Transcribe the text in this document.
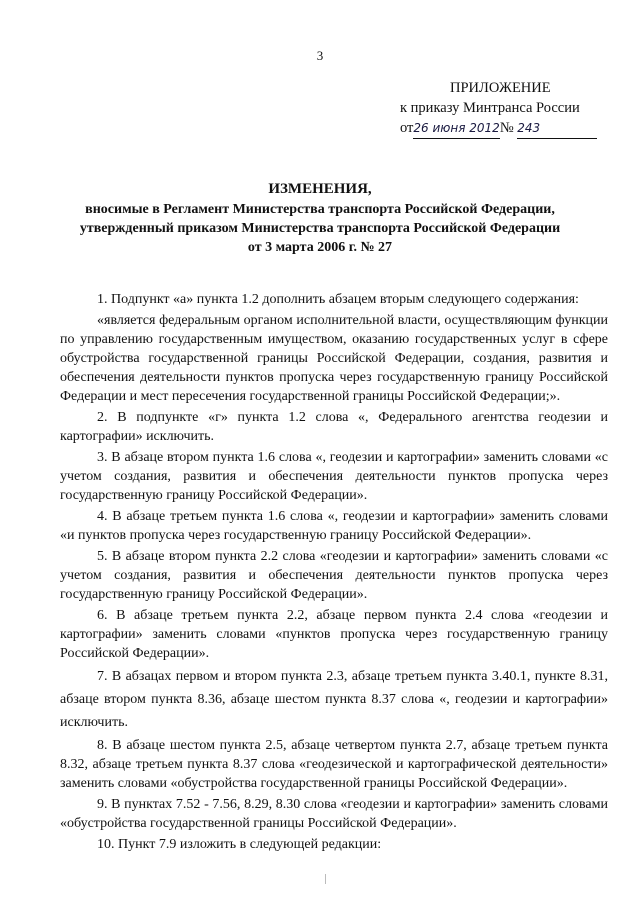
3
ПРИЛОЖЕНИЕ
к приказу Минтранса России
от26 июня 2012№ 243
ИЗМЕНЕНИЯ,
вносимые в Регламент Министерства транспорта Российской Федерации,
утвержденный приказом Министерства транспорта Российской Федерации
от 3 марта 2006 г. № 27

1. Подпункт «а» пункта 1.2 дополнить абзацем вторым следующего содержания:

«является федеральным органом исполнительной власти, осуществляющим функции по управлению государственным имуществом, оказанию государственных услуг в сфере обустройства государственной границы Российской Федерации, создания, развития и обеспечения деятельности пунктов пропуска через государственную границу Российской Федерации и мест пересечения государственной границы Российской Федерации;».

2. В подпункте «г» пункта 1.2 слова «, Федерального агентства геодезии и картографии» исключить.

3. В абзаце втором пункта 1.6 слова «, геодезии и картографии» заменить словами «с учетом создания, развития и обеспечения деятельности пунктов пропуска через государственную границу Российской Федерации».

4. В абзаце третьем пункта 1.6 слова «, геодезии и картографии» заменить словами «и пунктов пропуска через государственную границу Российской Федерации».

5. В абзаце втором пункта 2.2 слова «геодезии и картографии» заменить словами «с учетом создания, развития и обеспечения деятельности пунктов пропуска через государственную границу Российской Федерации».

6. В абзаце третьем пункта 2.2, абзаце первом пункта 2.4 слова «геодезии и картографии» заменить словами «пунктов пропуска через государственную границу Российской Федерации».

7. В абзацах первом и втором пункта 2.3, абзаце третьем пункта 3.40.1, пункте 8.31, абзаце втором пункта 8.36, абзаце шестом пункта 8.37 слова «, геодезии и картографии» исключить.

8. В абзаце шестом пункта 2.5, абзаце четвертом пункта 2.7, абзаце третьем пункта 8.32, абзаце третьем пункта 8.37 слова «геодезической и картографической деятельности» заменить словами «обустройства государственной границы Российской Федерации».

9. В пунктах 7.52 - 7.56, 8.29, 8.30 слова «геодезии и картографии» заменить словами «обустройства государственной границы Российской Федерации».

10. Пункт 7.9 изложить в следующей редакции:
